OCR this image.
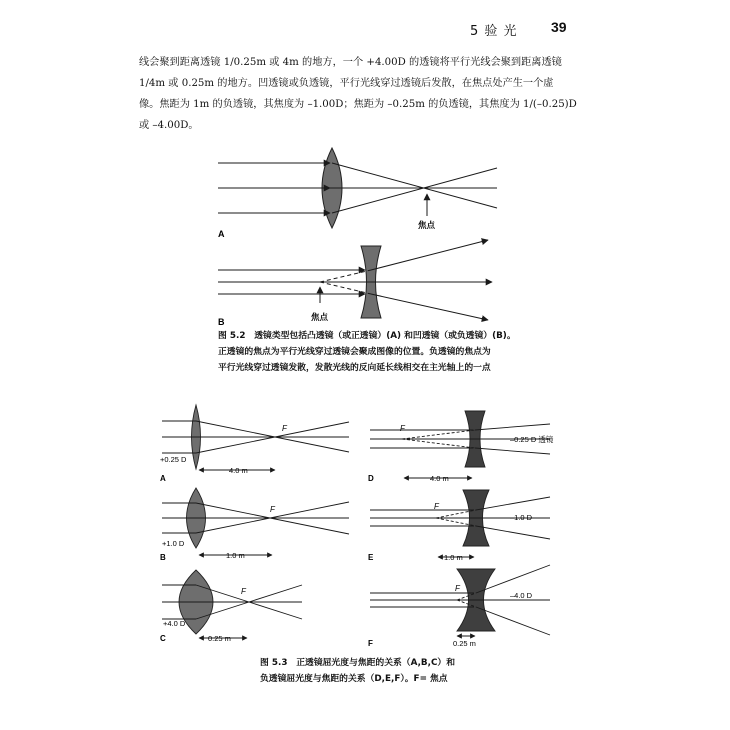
5 验 光 39
线会聚到距离透镜 1/0.25m 或 4m 的地方，一个 +4.00D 的透镜将平行光线会聚到距离透镜
1/4m 或 0.25m 的地方。凹透镜或负透镜，平行光线穿过透镜后发散，在焦点处产生一个虚
像。焦距为 1m 的负透镜，其焦度为 –1.00D；焦距为 –0.25m 的负透镜，其焦度为 1/(–0.25)D
或 –4.00D。
焦点
A
焦点
B
图 5.2　透镜类型包括凸透镜（或正透镜）(A) 和凹透镜（或负透镜）(B)。
正透镜的焦点为平行光线穿过透镜会聚成图像的位置。负透镜的焦点为
平行光线穿过透镜发散，发散光线的反向延长线相交在主光轴上的一点
F
+0.25 D
4.0 m
A
F
+1.0 D
1.0 m
B
F
+4.0 D
0.25 m
C
F
–0.25 D 透镜
4.0 m
D
F
–1.0 D
1.0 m
E
F
–4.0 D
0.25 m
F
图 5.3　正透镜屈光度与焦距的关系（A,B,C）和
负透镜屈光度与焦距的关系（D,E,F）。F= 焦点
